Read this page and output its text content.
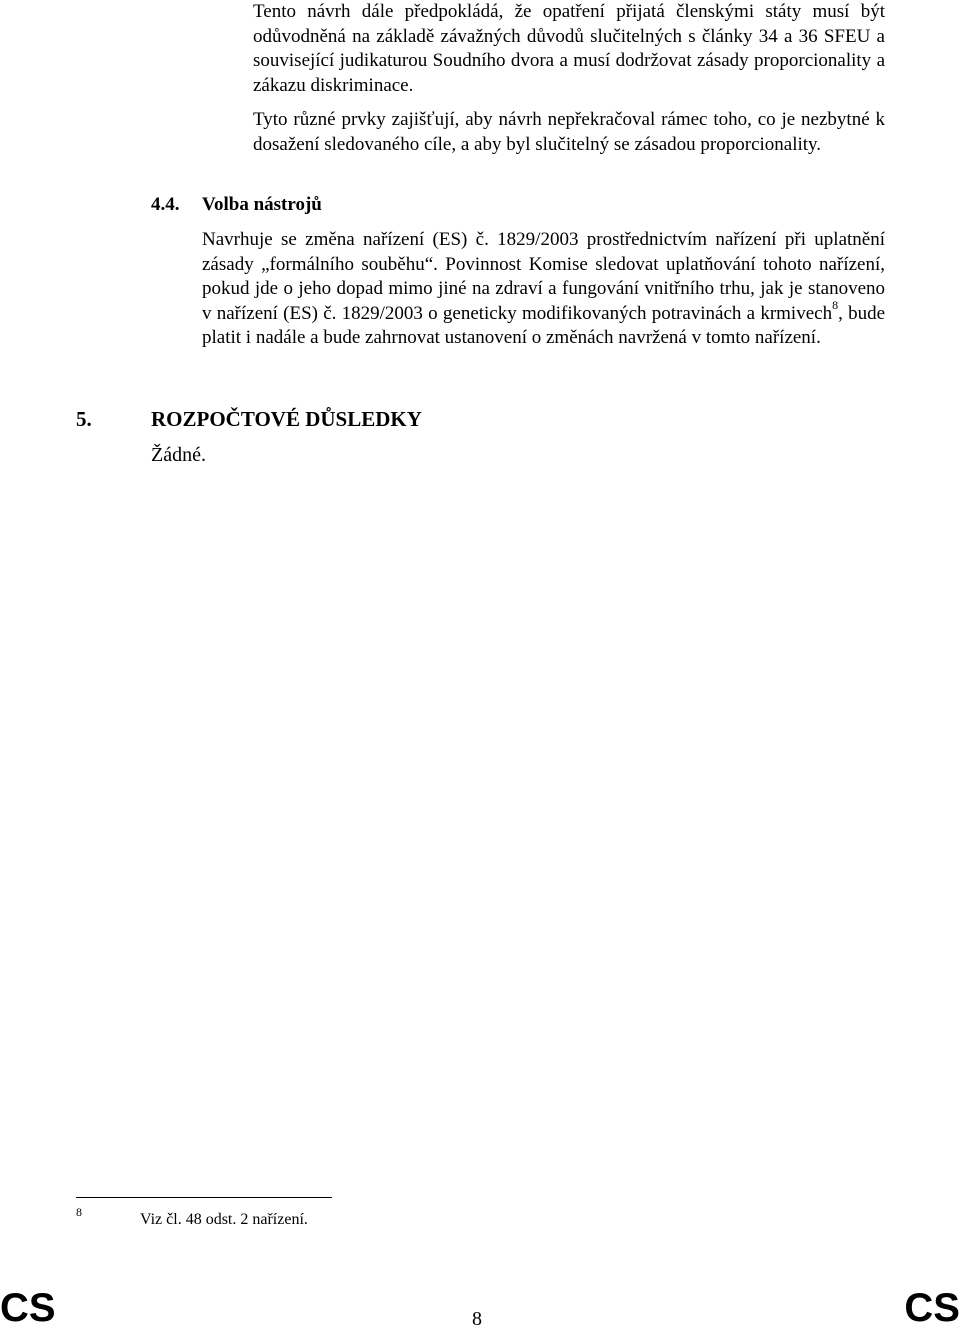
Tento návrh dále předpokládá, že opatření přijatá členskými státy musí být odůvodněná na základě závažných důvodů slučitelných s články 34 a 36 SFEU a související judikaturou Soudního dvora a musí dodržovat zásady proporcionality a zákazu diskriminace.

Tyto různé prvky zajišťují, aby návrh nepřekračoval rámec toho, co je nezbytné k dosažení sledovaného cíle, a aby byl slučitelný se zásadou proporcionality.

4.4. Volba nástrojů

Navrhuje se změna nařízení (ES) č. 1829/2003 prostřednictvím nařízení při uplatnění zásady „formálního souběhu“. Povinnost Komise sledovat uplatňování tohoto nařízení, pokud jde o jeho dopad mimo jiné na zdraví a fungování vnitřního trhu, jak je stanoveno v nařízení (ES) č. 1829/2003 o geneticky modifikovaných potravinách a krmivech$^8$, bude platit i nadále a bude zahrnovat ustanovení o změnách navržená v tomto nařízení.

5.	ROZPOČTOVÉ DŮSLEDKY

Žádné.

8	Viz čl. 48 odst. 2 nařízení.
CS	8	CS
